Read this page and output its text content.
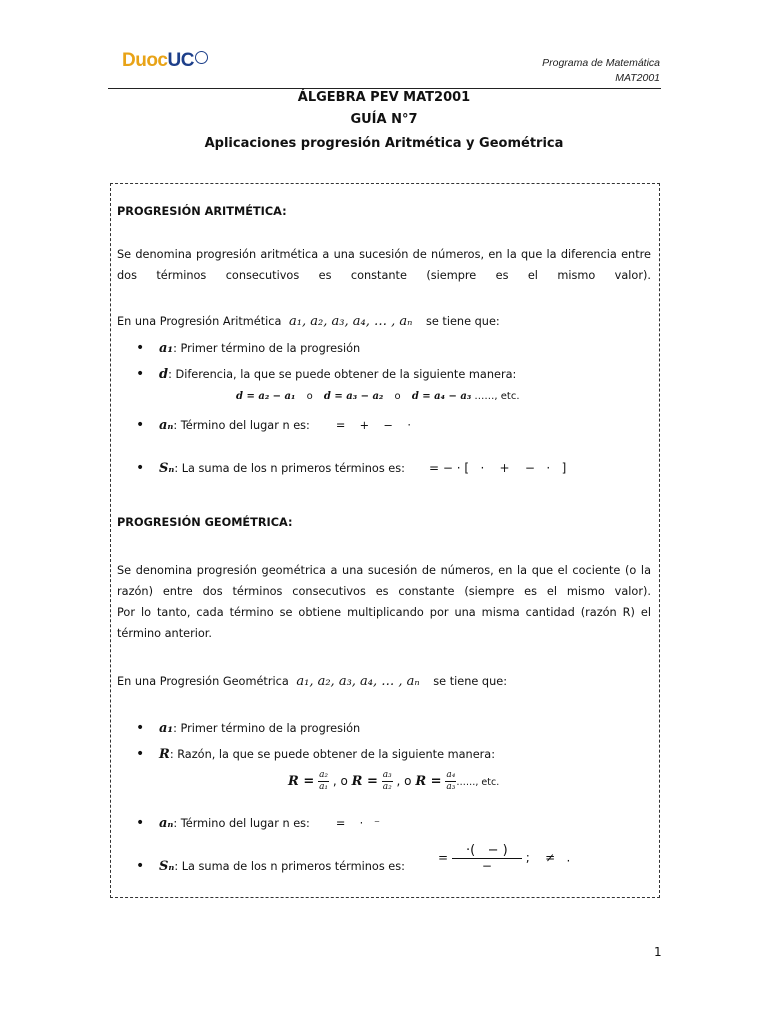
DuocUC	Programa de Matemática
MAT2001
ÁLGEBRA PEV MAT2001
GUÍA N°7
Aplicaciones progresión Aritmética y Geométrica
PROGRESIÓN ARITMÉTICA:
Se denomina progresión aritmética a una sucesión de números, en la que la diferencia entre
dos términos consecutivos es constante (siempre es el mismo valor).
En una Progresión Aritmética a₁, a₂, a₃, a₄, … , aₙ se tiene que:
• a₁: Primer término de la progresión
• d: Diferencia, la que se puede obtener de la siguiente manera:
d = a₂ − a₁ o d = a₃ − a₂ o d = a₄ − a₃ ……, etc.
• aₙ: Término del lugar n es: =    +    −    ·
• Sₙ: La suma de los n primeros términos es: = − · [   ·    +    −   ·   ]
PROGRESIÓN GEOMÉTRICA:
Se denomina progresión geométrica a una sucesión de números, en la que el cociente (o la
razón) entre dos términos consecutivos es constante (siempre es el mismo valor).
Por lo tanto, cada término se obtiene multiplicando por una misma cantidad (razón R) el
término anterior.
En una Progresión Geométrica a₁, a₂, a₃, a₄, … , aₙ se tiene que:
• a₁: Primer término de la progresión
• R: Razón, la que se puede obtener de la siguiente manera:
$R = \frac{\text{a₂}}{\text{a₁}}$ , o $R = \frac{\text{a₃}}{\text{a₂}}$ , o $R = \frac{\text{a₄}}{\text{a₃}}$ ……, etc.
• aₙ: Término del lugar n es: =    ·   ⁻
• Sₙ: La suma de los n primeros términos es:
=	·(   − )
−
;    ≠   .
1
